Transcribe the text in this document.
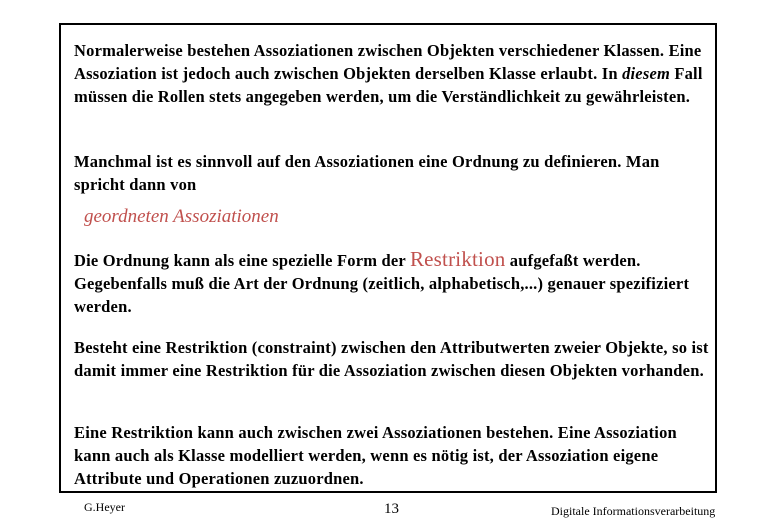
Normalerweise bestehen Assoziationen zwischen Objekten verschiedener Klassen. Eine Assoziation ist jedoch auch zwischen Objekten derselben Klasse erlaubt. In diesem Fall müssen die Rollen stets angegeben werden, um die Verständlichkeit zu gewährleisten.

Manchmal ist es sinnvoll auf den Assoziationen eine Ordnung zu definieren. Man spricht dann von

geordneten Assoziationen

Die Ordnung kann als eine spezielle Form der Restriktion aufgefaßt werden. Gegebenfalls muß die Art der Ordnung (zeitlich, alphabetisch,...) genauer spezifiziert werden.

Besteht eine Restriktion (constraint) zwischen den Attributwerten zweier Objekte, so ist damit immer eine Restriktion für die Assoziation zwischen diesen Objekten vorhanden.

Eine Restriktion kann auch zwischen zwei Assoziationen bestehen. Eine Assoziation kann auch als Klasse modelliert werden, wenn es nötig ist, der Assoziation eigene Attribute und Operationen zuzuordnen.

G.Heyer	13	Digitale Informationsverarbeitung
